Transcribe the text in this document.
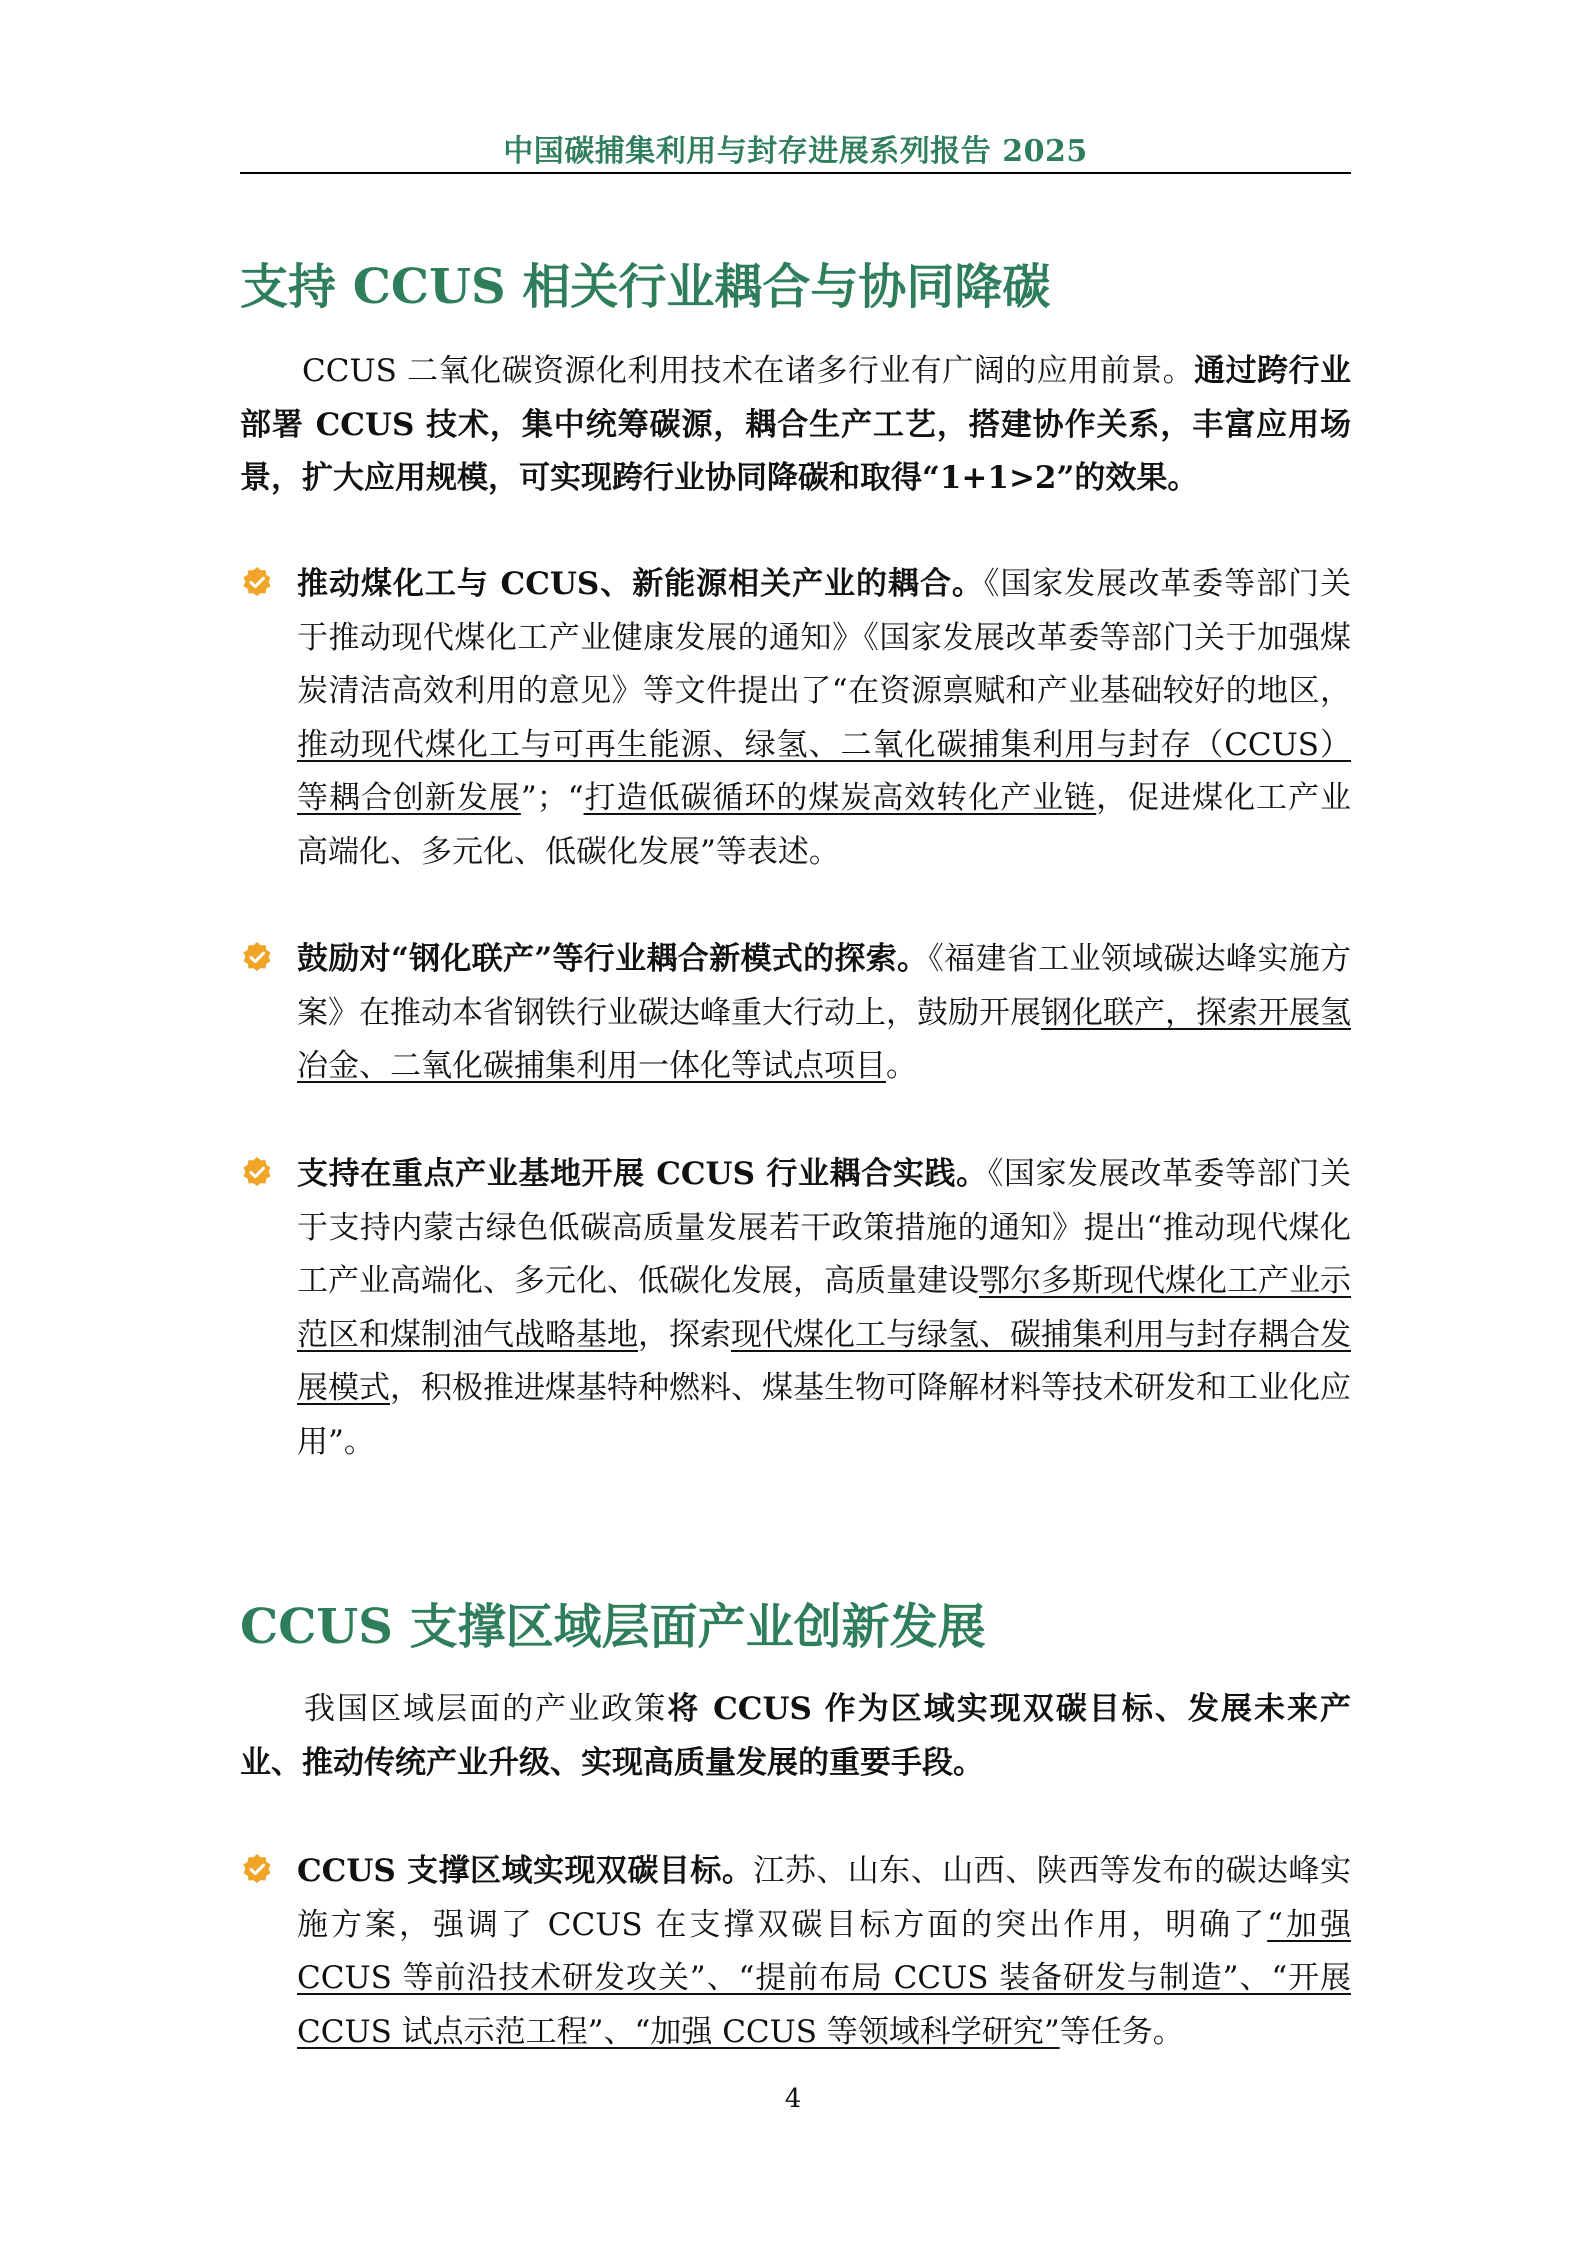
中国碳捕集利用与封存进展系列报告 2025
支持 CCUS 相关行业耦合与协同降碳
CCUS 二氧化碳资源化利用技术在诸多行业有广阔的应用前景。通过跨行业部署 CCUS 技术，集中统筹碳源，耦合生产工艺，搭建协作关系，丰富应用场景，扩大应用规模，可实现跨行业协同降碳和取得“1+1>2”的效果。
推动煤化工与 CCUS、新能源相关产业的耦合。《国家发展改革委等部门关于推动现代煤化工产业健康发展的通知》《国家发展改革委等部门关于加强煤炭清洁高效利用的意见》等文件提出了“在资源禀赋和产业基础较好的地区，推动现代煤化工与可再生能源、绿氢、二氧化碳捕集利用与封存（CCUS）等耦合创新发展”；“打造低碳循环的煤炭高效转化产业链，促进煤化工产业高端化、多元化、低碳化发展”等表述。
鼓励对“钢化联产”等行业耦合新模式的探索。《福建省工业领域碳达峰实施方案》在推动本省钢铁行业碳达峰重大行动上，鼓励开展钢化联产，探索开展氢冶金、二氧化碳捕集利用一体化等试点项目。
支持在重点产业基地开展 CCUS 行业耦合实践。《国家发展改革委等部门关于支持内蒙古绿色低碳高质量发展若干政策措施的通知》提出“推动现代煤化工产业高端化、多元化、低碳化发展，高质量建设鄂尔多斯现代煤化工产业示范区和煤制油气战略基地，探索现代煤化工与绿氢、碳捕集利用与封存耦合发展模式，积极推进煤基特种燃料、煤基生物可降解材料等技术研发和工业化应用”。
CCUS 支撑区域层面产业创新发展
我国区域层面的产业政策将 CCUS 作为区域实现双碳目标、发展未来产业、推动传统产业升级、实现高质量发展的重要手段。
CCUS 支撑区域实现双碳目标。江苏、山东、山西、陕西等发布的碳达峰实施方案，强调了 CCUS 在支撑双碳目标方面的突出作用，明确了“加强 CCUS 等前沿技术研发攻关”、“提前布局 CCUS 装备研发与制造”、“开展 CCUS 试点示范工程”、“加强 CCUS 等领域科学研究”等任务。
4
